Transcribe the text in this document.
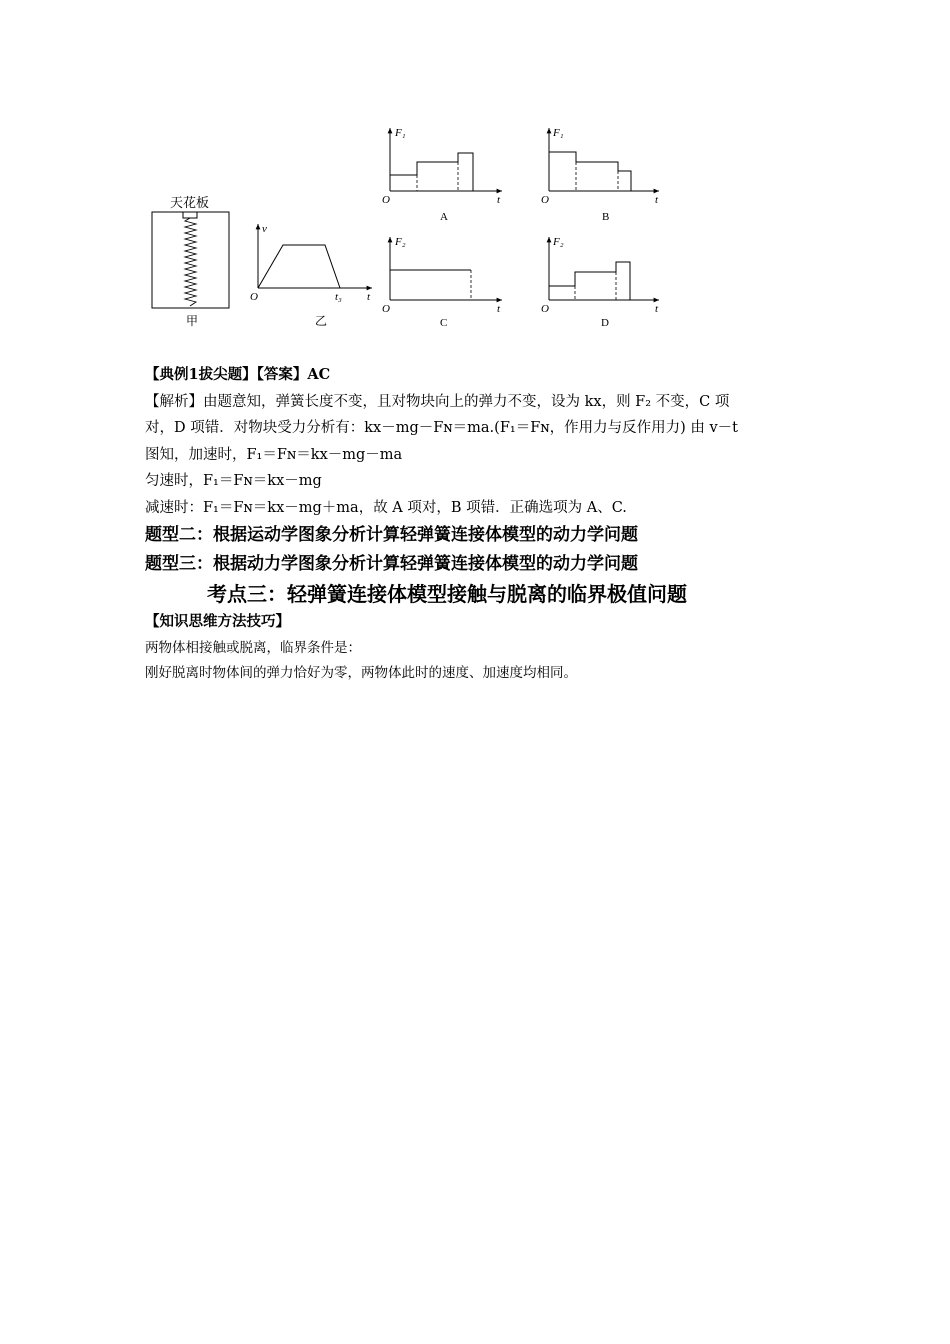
天花板
甲
v
O	t₃ t
乙
F₁
O	t
A
F₁
O	t
B
F₂
O	t
C
F₂
O	t
D
【典例1拔尖题】【答案】AC
【解析】由题意知，弹簧长度不变，且对物块向上的弹力不变，设为 kx，则 F₂ 不变，C 项
对，D 项错．对物块受力分析有：kx－mg－Fɴ＝ma.(F₁＝Fɴ，作用力与反作用力) 由 v－t
图知，加速时，F₁＝Fɴ＝kx－mg－ma
匀速时，F₁＝Fɴ＝kx－mg
减速时：F₁＝Fɴ＝kx－mg＋ma，故 A 项对，B 项错．正确选项为 A、C.
题型二：根据运动学图象分析计算轻弹簧连接体模型的动力学问题
题型三：根据动力学图象分析计算轻弹簧连接体模型的动力学问题
考点三：轻弹簧连接体模型接触与脱离的临界极值问题
【知识思维方法技巧】
两物体相接触或脱离，临界条件是：
刚好脱离时物体间的弹力恰好为零，两物体此时的速度、加速度均相同。
